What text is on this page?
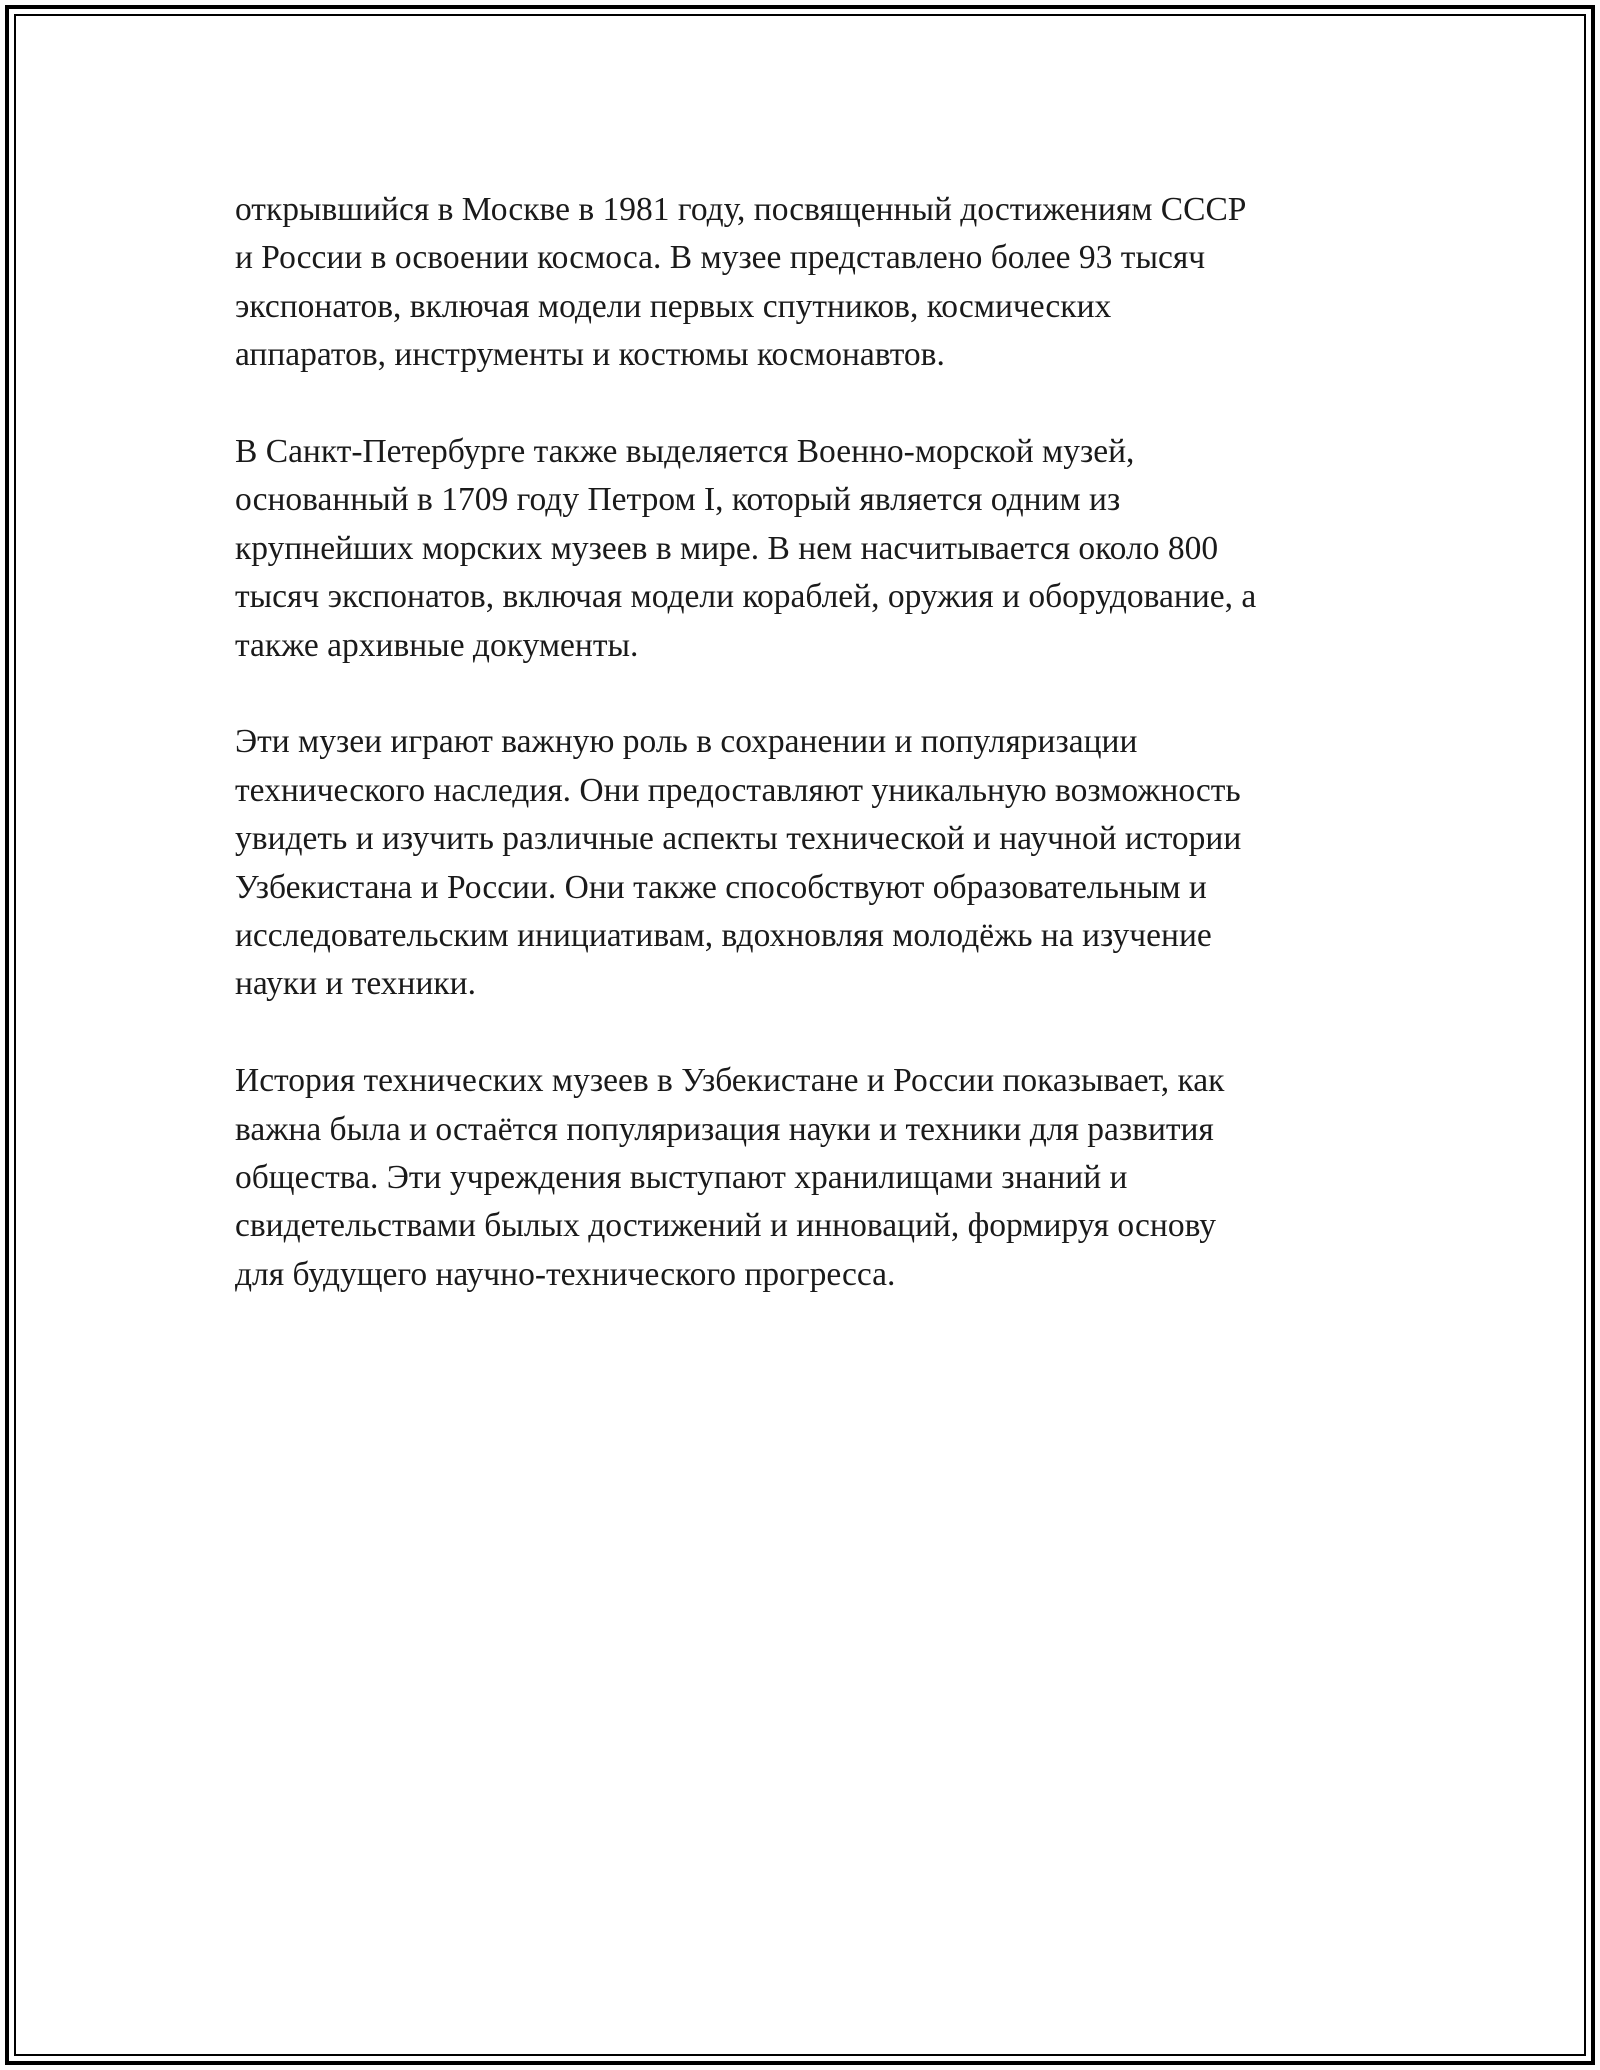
открывшийся в Москве в 1981 году, посвященный достижениям СССР
и России в освоении космоса. В музее представлено более 93 тысяч
экспонатов, включая модели первых спутников, космических
аппаратов, инструменты и костюмы космонавтов.

В Санкт-Петербурге также выделяется Военно-морской музей,
основанный в 1709 году Петром I, который является одним из
крупнейших морских музеев в мире. В нем насчитывается около 800
тысяч экспонатов, включая модели кораблей, оружия и оборудование, а
также архивные документы.

Эти музеи играют важную роль в сохранении и популяризации
технического наследия. Они предоставляют уникальную возможность
увидеть и изучить различные аспекты технической и научной истории
Узбекистана и России. Они также способствуют образовательным и
исследовательским инициативам, вдохновляя молодёжь на изучение
науки и техники.

История технических музеев в Узбекистане и России показывает, как
важна была и остаётся популяризация науки и техники для развития
общества. Эти учреждения выступают хранилищами знаний и
свидетельствами былых достижений и инноваций, формируя основу
для будущего научно-технического прогресса.
